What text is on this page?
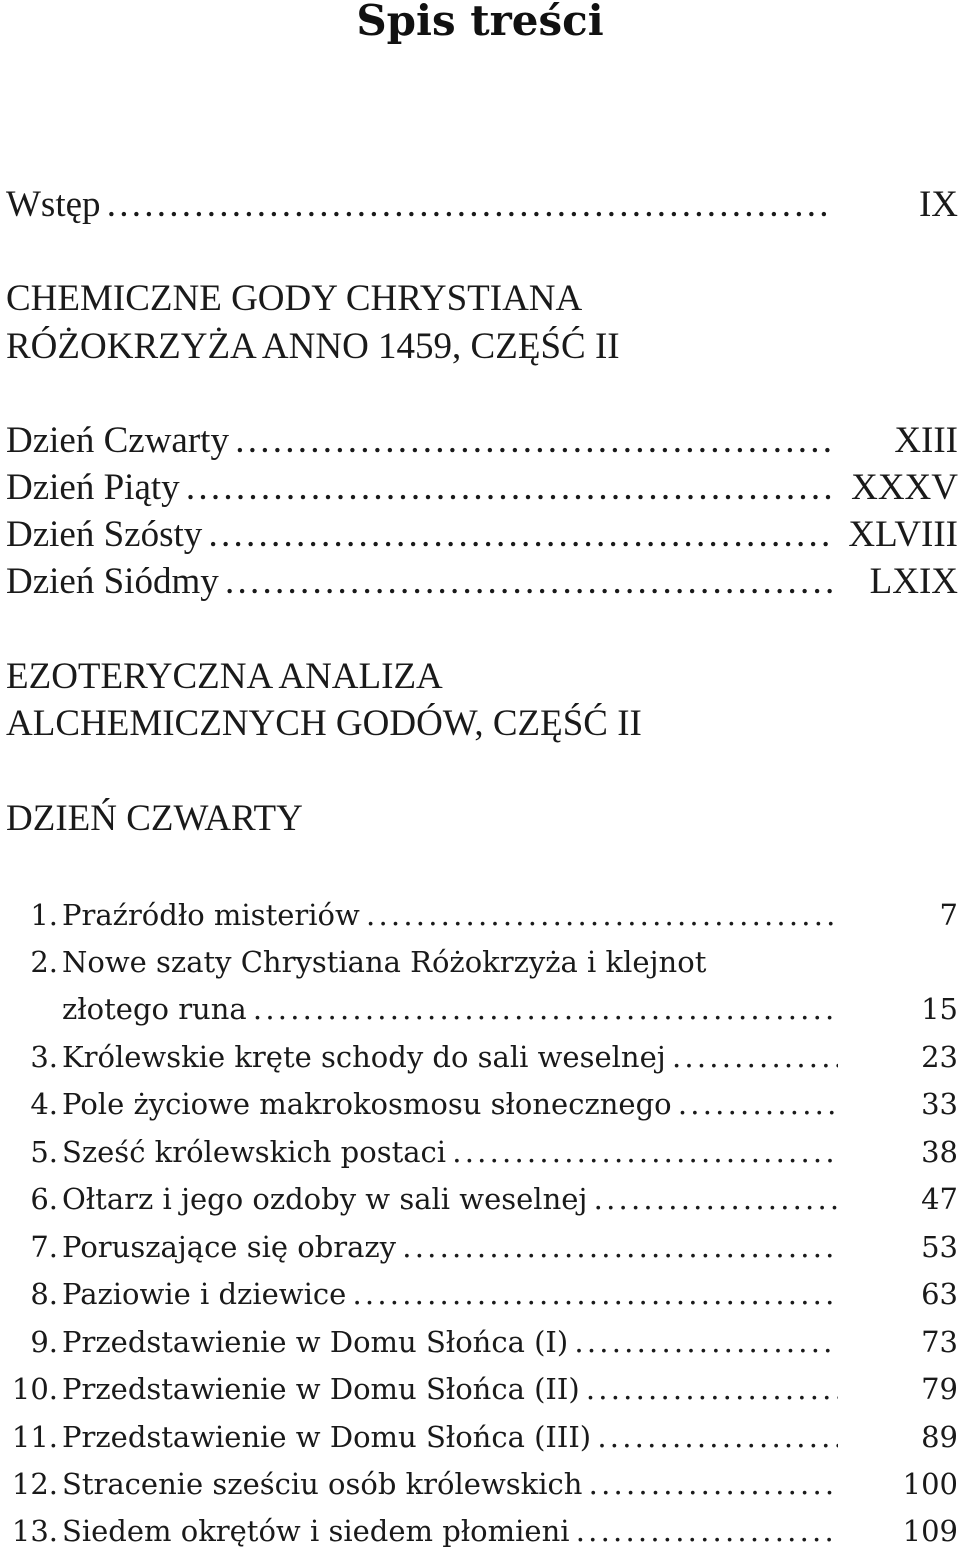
Spis treści
Wstęp . . .	IX
CHEMICZNE GODY CHRYSTIANA
RÓŻOKRZYŻA ANNO 1459, CZĘŚĆ II
Dzień Czwarty . . .	XIII
Dzień Piąty . . .	XXXV
Dzień Szósty . . .	XLVIII
Dzień Siódmy . . .	LXIX
EZOTERYCZNA ANALIZA
ALCHEMICZNYCH GODÓW, CZĘŚĆ II
DZIEŃ CZWARTY
1. Praźródło misteriów . . .	7
2. Nowe szaty Chrystiana Różokrzyża i klejnot
złotego runa . . .	15
3. Królewskie kręte schody do sali weselnej . . .	23
4. Pole życiowe makrokosmosu słonecznego . . .	33
5. Sześć królewskich postaci . . .	38
6. Ołtarz i jego ozdoby w sali weselnej . . .	47
7. Poruszające się obrazy . . .	53
8. Paziowie i dziewice . . .	63
9. Przedstawienie w Domu Słońca (I) . . .	73
10. Przedstawienie w Domu Słońca (II) . . .	79
11. Przedstawienie w Domu Słońca (III) . . .	89
12. Stracenie sześciu osób królewskich . . .	100
13. Siedem okrętów i siedem płomieni . . .	109
